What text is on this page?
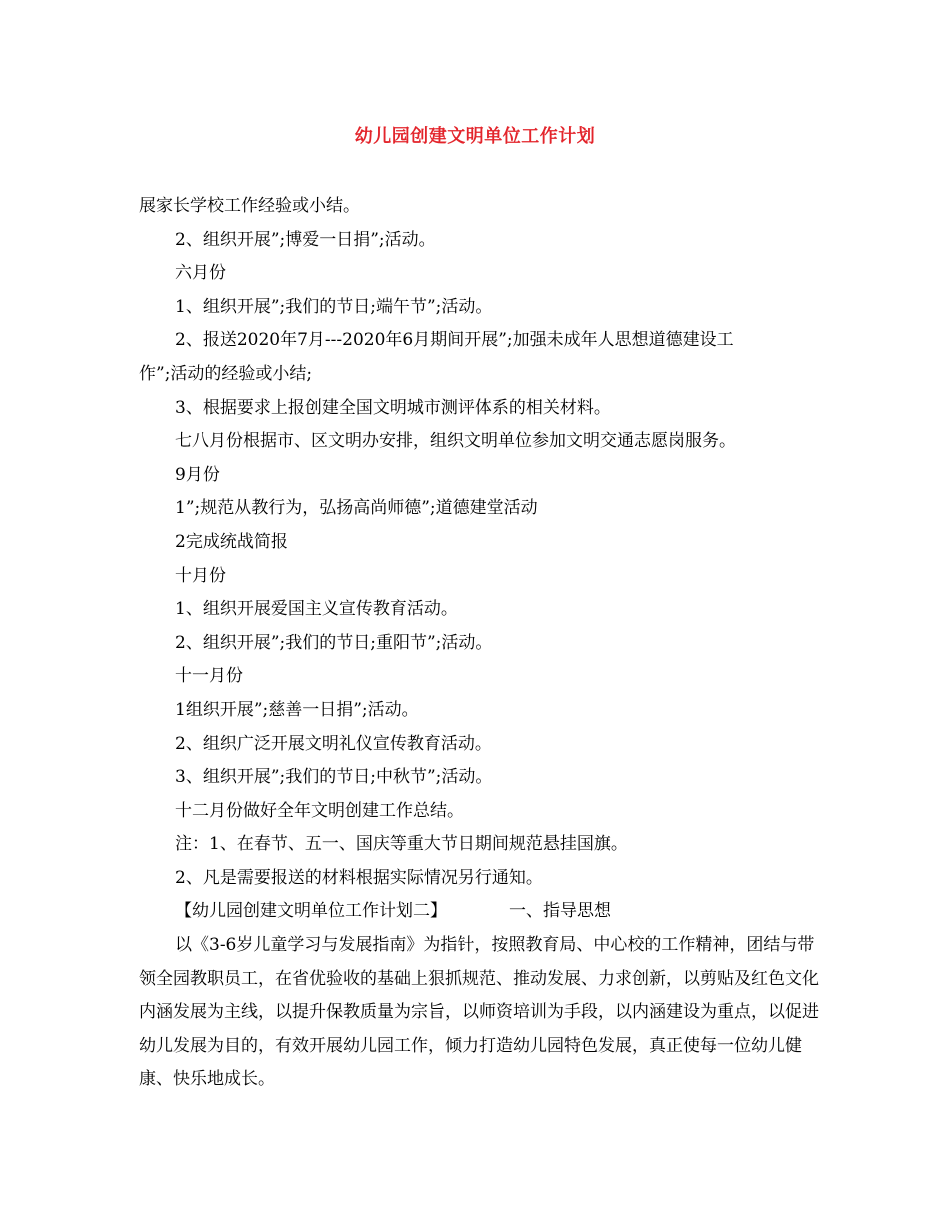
幼儿园创建文明单位工作计划
展家长学校工作经验或小结。
2、组织开展”;博爱一日捐”;活动。
六月份
1、组织开展”;我们的节日;端午节”;活动。
2、报送2020年7月---2020年6月期间开展”;加强未成年人思想道德建设工
作”;活动的经验或小结;
3、根据要求上报创建全国文明城市测评体系的相关材料。
七八月份根据市、区文明办安排，组织文明单位参加文明交通志愿岗服务。
9月份
1”;规范从教行为，弘扬高尚师德”;道德建堂活动
2完成统战简报
十月份
1、组织开展爱国主义宣传教育活动。
2、组织开展”;我们的节日;重阳节”;活动。
十一月份
1组织开展”;慈善一日捐”;活动。
2、组织广泛开展文明礼仪宣传教育活动。
3、组织开展”;我们的节日;中秋节”;活动。
十二月份做好全年文明创建工作总结。
注：1、在春节、五一、国庆等重大节日期间规范悬挂国旗。
2、凡是需要报送的材料根据实际情况另行通知。
【幼儿园创建文明单位工作计划二】	一、指导思想
以《3-6岁儿童学习与发展指南》为指针，按照教育局、中心校的工作精神，团结与带领全园教职员工，在省优验收的基础上狠抓规范、推动发展、力求创新，以剪贴及红色文化内涵发展为主线，以提升保教质量为宗旨，以师资培训为手段，以内涵建设为重点，以促进幼儿发展为目的，有效开展幼儿园工作，倾力打造幼儿园特色发展，真正使每一位幼儿健康、快乐地成长。
